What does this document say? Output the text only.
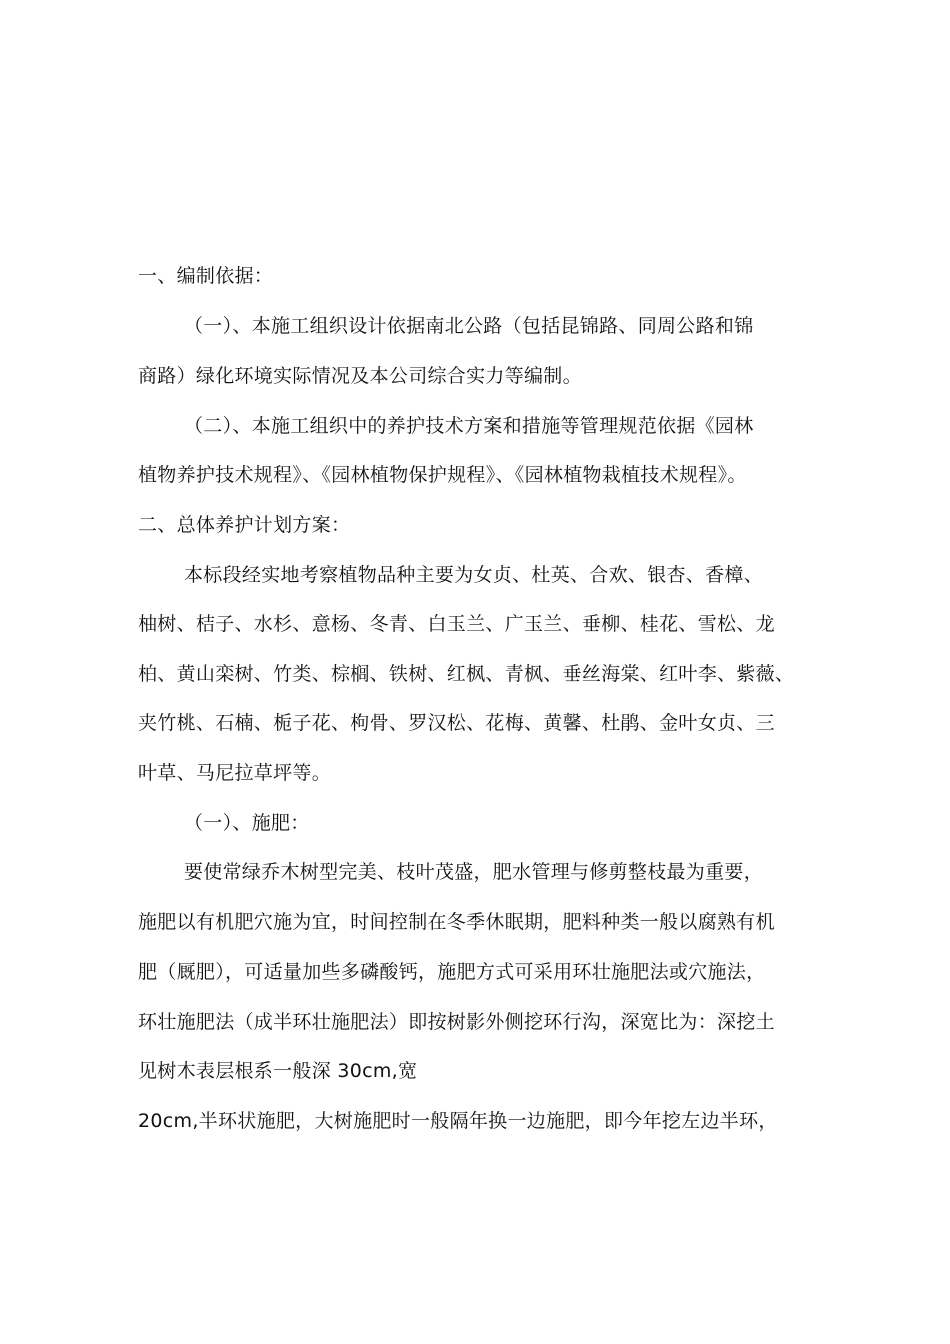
一、编制依据：
（一）、本施工组织设计依据南北公路（包括昆锦路、同周公路和锦
商路）绿化环境实际情况及本公司综合实力等编制。
（二）、本施工组织中的养护技术方案和措施等管理规范依据《园林
植物养护技术规程》、《园林植物保护规程》、《园林植物栽植技术规程》。
二、总体养护计划方案：
本标段经实地考察植物品种主要为女贞、杜英、合欢、银杏、香樟、
柚树、桔子、水杉、意杨、冬青、白玉兰、广玉兰、垂柳、桂花、雪松、龙
柏、黄山栾树、竹类、棕榈、铁树、红枫、青枫、垂丝海棠、红叶李、紫薇、
夹竹桃、石楠、栀子花、枸骨、罗汉松、花梅、黄馨、杜鹃、金叶女贞、三
叶草、马尼拉草坪等。
（一）、施肥：
要使常绿乔木树型完美、枝叶茂盛，肥水管理与修剪整枝最为重要，
施肥以有机肥穴施为宜，时间控制在冬季休眠期，肥料种类一般以腐熟有机
肥（厩肥），可适量加些多磷酸钙，施肥方式可采用环壮施肥法或穴施法，
环壮施肥法（成半环壮施肥法）即按树影外侧挖环行沟，深宽比为：深挖土
见树木表层根系一般深 30cm,宽
20cm,半环状施肥，大树施肥时一般隔年换一边施肥，即今年挖左边半环，
